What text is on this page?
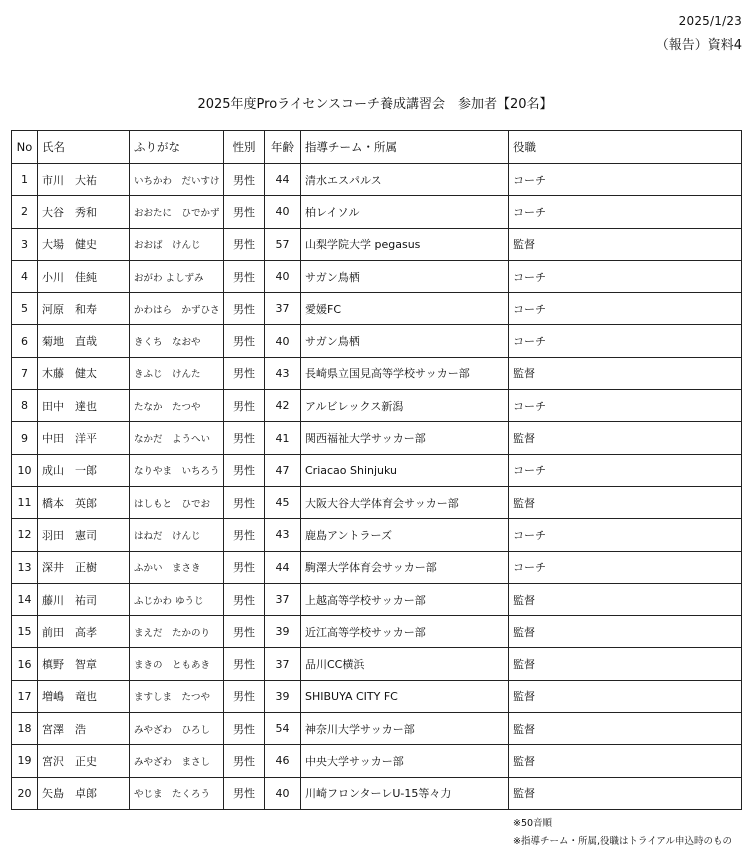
2025/1/23
（報告）資料4
2025年度Proライセンスコーチ養成講習会　参加者【20名】
No	氏名	ふりがな	性別	年齢	指導チーム・所属	役職
1	市川　大祐	いちかわ　だいすけ	男性	44	清水エスパルス	コーチ
2	大谷　秀和	おおたに　ひでかず	男性	40	柏レイソル	コーチ
3	大場　健史	おおば　けんじ	男性	57	山梨学院大学 pegasus	監督
4	小川　佳純	おがわ よしずみ	男性	40	サガン鳥栖	コーチ
5	河原　和寿	かわはら　かずひさ	男性	37	愛媛FC	コーチ
6	菊地　直哉	きくち　なおや	男性	40	サガン鳥栖	コーチ
7	木藤　健太	きふじ　けんた	男性	43	長崎県立国見高等学校サッカー部	監督
8	田中　達也	たなか　たつや	男性	42	アルビレックス新潟	コーチ
9	中田　洋平	なかだ　ようへい	男性	41	関西福祉大学サッカー部	監督
10	成山　一郎	なりやま　いちろう	男性	47	Criacao Shinjuku	コーチ
11	橋本　英郎	はしもと　ひでお	男性	45	大阪大谷大学体育会サッカー部	監督
12	羽田　憲司	はねだ　けんじ	男性	43	鹿島アントラーズ	コーチ
13	深井　正樹	ふかい　まさき	男性	44	駒澤大学体育会サッカー部	コーチ
14	藤川　祐司	ふじかわ ゆうじ	男性	37	上越高等学校サッカー部	監督
15	前田　高孝	まえだ　たかのり	男性	39	近江高等学校サッカー部	監督
16	槙野　智章	まきの　ともあき	男性	37	品川CC横浜	監督
17	増嶋　竜也	ますしま　たつや	男性	39	SHIBUYA CITY FC	監督
18	宮澤　浩	みやざわ　ひろし	男性	54	神奈川大学サッカー部	監督
19	宮沢　正史	みやざわ　まさし	男性	46	中央大学サッカー部	監督
20	矢島　卓郎	やじま　たくろう	男性	40	川崎フロンターレU-15等々力	監督
※50音順
※指導チーム・所属,役職はトライアル申込時のもの
